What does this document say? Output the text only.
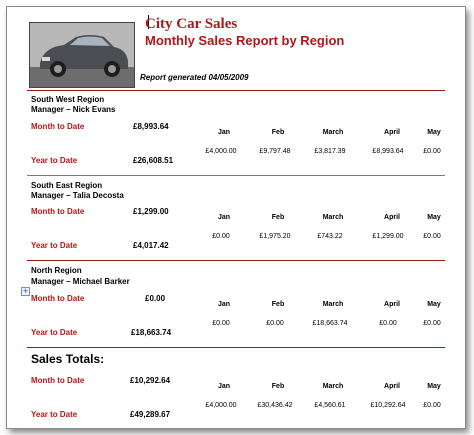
City Car Sales
Monthly Sales Report by Region
Report generated 04/05/2009
South West Region
Manager – Nick Evans
Month to Date	£8,993.64
Year to Date	£26,608.51
Jan	Feb	March	April	May
£4,000.00	£9,797.48	£3,817.39	£8,993.64	£0.00
South East Region
Manager – Talia Decosta
Month to Date	£1,299.00
Year to Date	£4,017.42
Jan	Feb	March	April	May
£0.00	£1,975.20	£743.22	£1,299.00	£0.00
North Region
Manager – Michael Barker
+
Month to Date	£0.00
Year to Date	£18,663.74
Jan	Feb	March	April	May
£0.00	£0.00	£18,663.74	£0.00	£0.00
Sales Totals:
Month to Date	£10,292.64
Year to Date	£49,289.67
Jan	Feb	March	April	May
£4,000.00	£30,436.42	£4,560.61	£10,292.64	£0.00
